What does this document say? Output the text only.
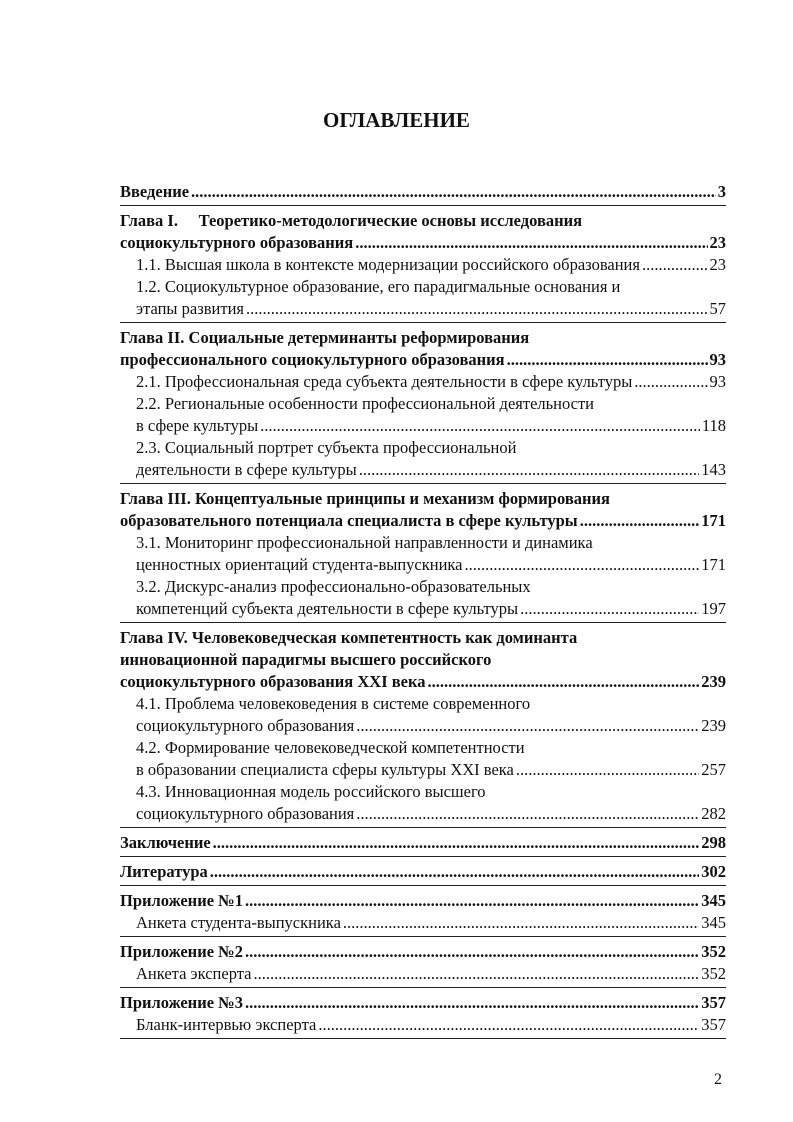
ОГЛАВЛЕНИЕ
Введение .....	3
Глава I.  Теоретико-методологические основы исследования
социокультурного образования .....	23
1.1. Высшая школа в контексте модернизации российского образования .....	23
1.2. Социокультурное образование, его парадигмальные основания и
этапы развития .....	57
Глава II. Социальные детерминанты реформирования
профессионального социокультурного образования .....	93
2.1. Профессиональная среда субъекта деятельности в сфере культуры .....	93
2.2. Региональные особенности профессиональной деятельности
в сфере культуры .....	118
2.3. Социальный портрет субъекта профессиональной
деятельности в сфере культуры .....	143
Глава III. Концептуальные принципы и механизм формирования
образовательного потенциала специалиста в сфере культуры .....	171
3.1. Мониторинг профессиональной направленности и динамика
ценностных ориентаций студента-выпускника .....	171
3.2. Дискурс-анализ профессионально-образовательных
компетенций субъекта деятельности в сфере культуры .....	197
Глава IV. Человековедческая компетентность как доминанта
инновационной парадигмы высшего российского
социокультурного образования XXI века .....	239
4.1. Проблема человековедения в системе современного
социокультурного образования .....	239
4.2. Формирование человековедческой компетентности
в образовании специалиста сферы культуры XXI века .....	257
4.3. Инновационная модель российского высшего
социокультурного образования .....	282
Заключение .....	298
Литература .....	302
Приложение №1 .....	345
Анкета студента-выпускника .....	345
Приложение №2 .....	352
Анкета эксперта .....	352
Приложение №3 .....	357
Бланк-интервью эксперта .....	357
2
